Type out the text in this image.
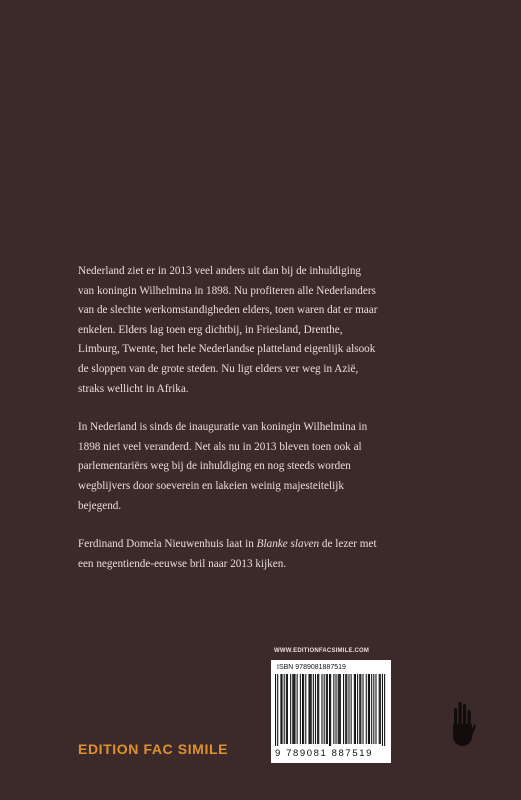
Nederland ziet er in 2013 veel anders uit dan bij de inhuldiging van koningin Wilhelmina in 1898. Nu profiteren alle Nederlanders van de slechte werkomstandigheden elders, toen waren dat er maar enkelen. Elders lag toen erg dichtbij, in Friesland, Drenthe, Limburg, Twente, het hele Nederlandse platteland eigenlijk alsook de sloppen van de grote steden. Nu ligt elders ver weg in Azië, straks wellicht in Afrika.

In Nederland is sinds de inauguratie van koningin Wilhelmina in 1898 niet veel veranderd. Net als nu in 2013 bleven toen ook al parlementariërs weg bij de inhuldiging en nog steeds worden wegblijvers door soeverein en lakeien weinig majesteitelijk bejegend.

Ferdinand Domela Nieuwenhuis laat in Blanke slaven de lezer met een negentiende-eeuwse bril naar 2013 kijken.

WWW.EDITIONFACSIMILE.COM
ISBN 9789081887519
9 789081 887519
EDITION FAC SIMILE
